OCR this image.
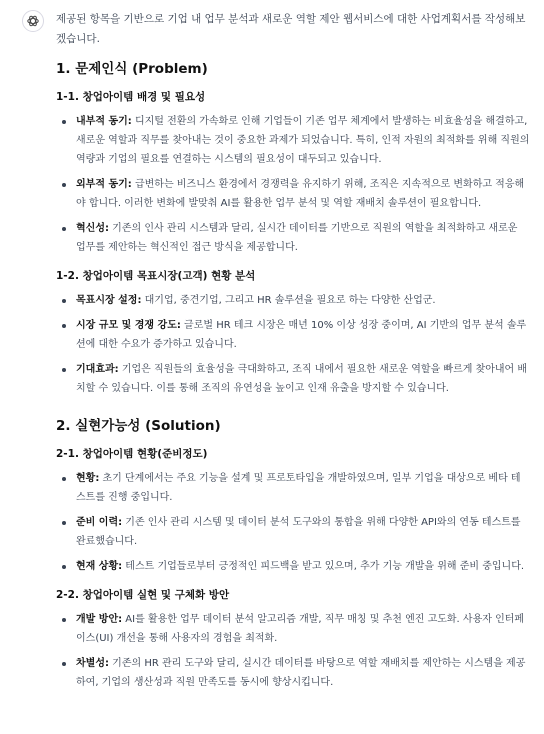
제공된 항목을 기반으로 기업 내 업무 분석과 새로운 역할 제안 웹서비스에 대한 사업계획서를 작성해보겠습니다.

1. 문제인식 (Problem)
1-1. 창업아이템 배경 및 필요성
내부적 동기: 디지털 전환의 가속화로 인해 기업들이 기존 업무 체계에서 발생하는 비효율성을 해결하고, 새로운 역할과 직무를 찾아내는 것이 중요한 과제가 되었습니다. 특히, 인적 자원의 최적화를 위해 직원의 역량과 기업의 필요를 연결하는 시스템의 필요성이 대두되고 있습니다.
외부적 동기: 급변하는 비즈니스 환경에서 경쟁력을 유지하기 위해, 조직은 지속적으로 변화하고 적응해야 합니다. 이러한 변화에 발맞춰 AI를 활용한 업무 분석 및 역할 재배치 솔루션이 필요합니다.
혁신성: 기존의 인사 관리 시스템과 달리, 실시간 데이터를 기반으로 직원의 역할을 최적화하고 새로운 업무를 제안하는 혁신적인 접근 방식을 제공합니다.
1-2. 창업아이템 목표시장(고객) 현황 분석
목표시장 설정: 대기업, 중견기업, 그리고 HR 솔루션을 필요로 하는 다양한 산업군.
시장 규모 및 경쟁 강도: 글로벌 HR 테크 시장은 매년 10% 이상 성장 중이며, AI 기반의 업무 분석 솔루션에 대한 수요가 증가하고 있습니다.
기대효과: 기업은 직원들의 효율성을 극대화하고, 조직 내에서 필요한 새로운 역할을 빠르게 찾아내어 배치할 수 있습니다. 이를 통해 조직의 유연성을 높이고 인재 유출을 방지할 수 있습니다.
2. 실현가능성 (Solution)
2-1. 창업아이템 현황(준비정도)
현황: 초기 단계에서는 주요 기능을 설계 및 프로토타입을 개발하였으며, 일부 기업을 대상으로 베타 테스트를 진행 중입니다.
준비 이력: 기존 인사 관리 시스템 및 데이터 분석 도구와의 통합을 위해 다양한 API와의 연동 테스트를 완료했습니다.
현재 상황: 테스트 기업들로부터 긍정적인 피드백을 받고 있으며, 추가 기능 개발을 위해 준비 중입니다.
2-2. 창업아이템 실현 및 구체화 방안
개발 방안: AI를 활용한 업무 데이터 분석 알고리즘 개발, 직무 매칭 및 추천 엔진 고도화. 사용자 인터페이스(UI) 개선을 통해 사용자의 경험을 최적화.
차별성: 기존의 HR 관리 도구와 달리, 실시간 데이터를 바탕으로 역할 재배치를 제안하는 시스템을 제공하여, 기업의 생산성과 직원 만족도를 동시에 향상시킵니다.
